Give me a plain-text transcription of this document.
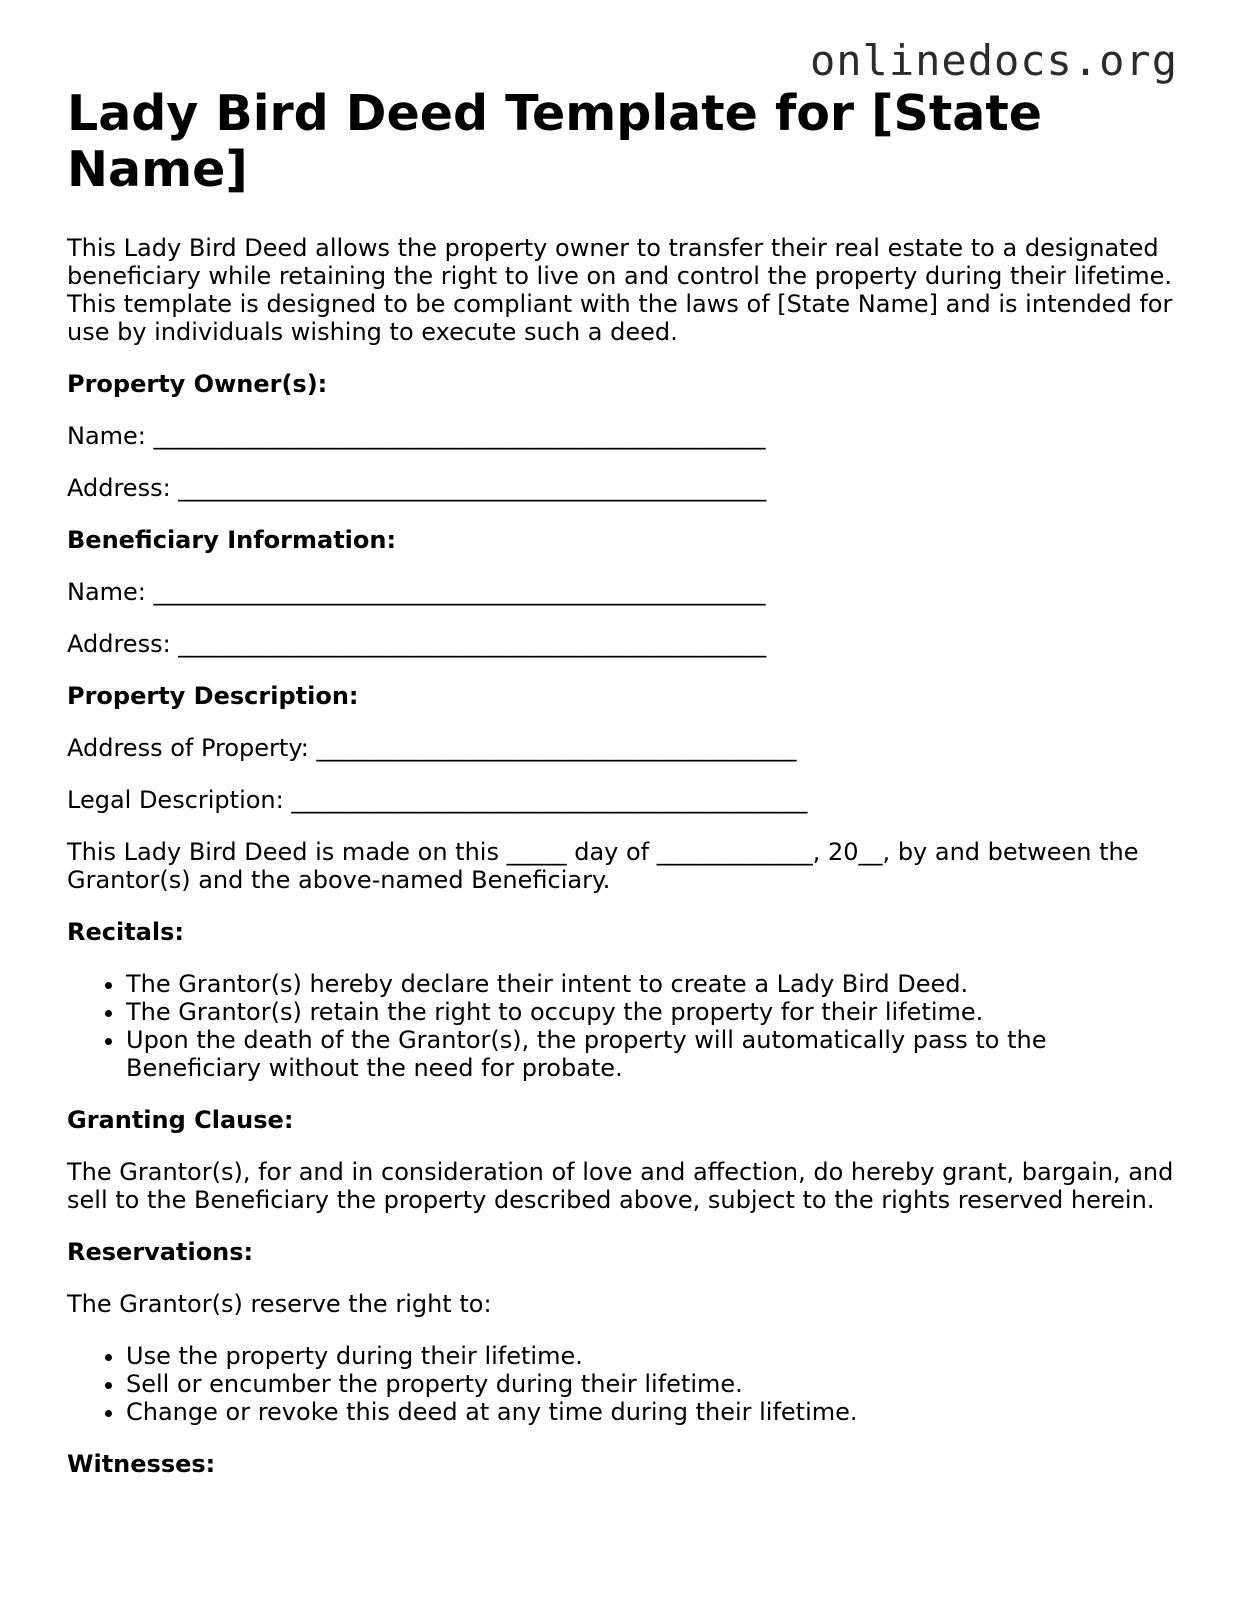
onlinedocs.org
Lady Bird Deed Template for [State Name]

This Lady Bird Deed allows the property owner to transfer their real estate to a designated beneficiary while retaining the right to live on and control the property during their lifetime. This template is designed to be compliant with the laws of [State Name] and is intended for use by individuals wishing to execute such a deed.

Property Owner(s):
Name: ___________________________________________________
Address: _________________________________________________
Beneficiary Information:
Name: ___________________________________________________
Address: _________________________________________________
Property Description:
Address of Property: ________________________________________
Legal Description: ___________________________________________

This Lady Bird Deed is made on this _____ day of _____________, 20__, by and between the Grantor(s) and the above-named Beneficiary.

Recitals:
• The Grantor(s) hereby declare their intent to create a Lady Bird Deed.
• The Grantor(s) retain the right to occupy the property for their lifetime.
• Upon the death of the Grantor(s), the property will automatically pass to the Beneficiary without the need for probate.
Granting Clause:

The Grantor(s), for and in consideration of love and affection, do hereby grant, bargain, and sell to the Beneficiary the property described above, subject to the rights reserved herein.

Reservations:

The Grantor(s) reserve the right to:

• Use the property during their lifetime.
• Sell or encumber the property during their lifetime.
• Change or revoke this deed at any time during their lifetime.
Witnesses:
